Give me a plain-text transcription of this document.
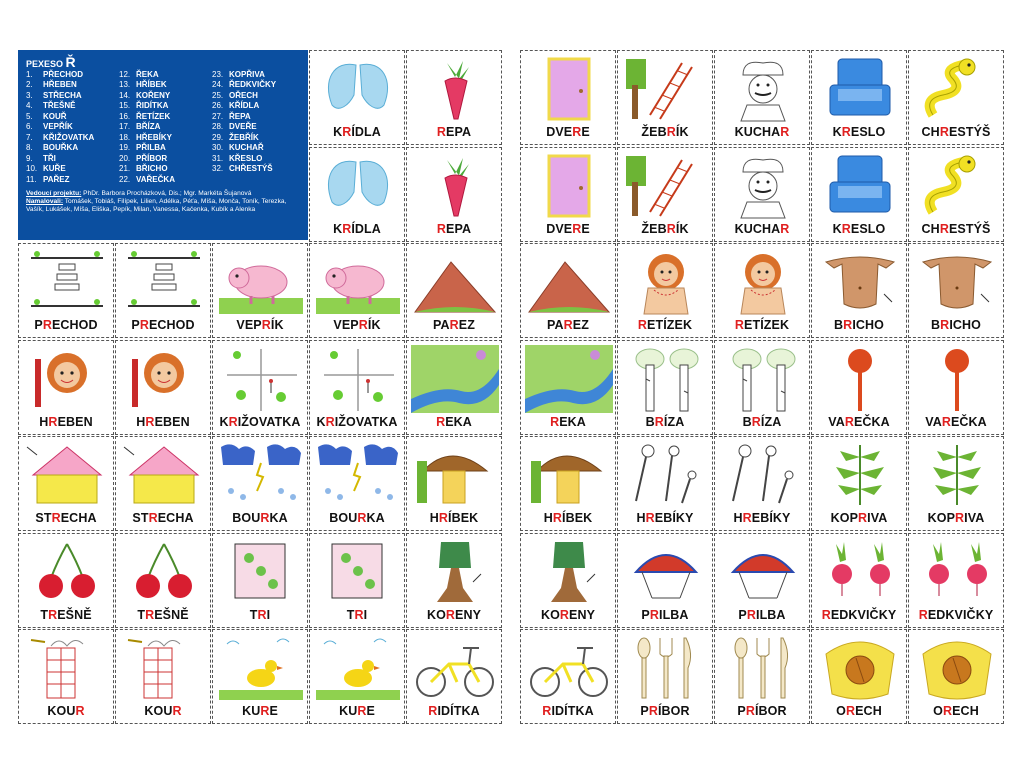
PEXESO Ř
1.	PŘECHOD
2.	HŘEBEN
3.	STŘECHA
4.	TŘEŠNĚ
5.	KOUŘ
6.	VEPŘÍK
7.	KŘIŽOVATKA
8.	BOUŘKA
9.	TŘI
10. KUŘE
11. PAŘEZ
12. ŘEKA
13. HŘÍBEK
14. KOŘENY
15. ŘIDÍTKA
16. ŘETÍZEK
17. BŘÍZA
18. HŘEBÍKY
19. PŘILBA
20. PŘÍBOR
21. BŘICHO
22. VAŘEČKA
23. KOPŘIVA
24. ŘEDKVIČKY
25. OŘECH
26. KŘÍDLA
27. ŘEPA
28. DVEŘE
29. ŽEBŘÍK
30. KUCHAŘ
31. KŘESLO
32. CHŘESTÝŠ
Vedoucí projektu: PhDr. Barbora Procházková, Dis.; Mgr. Markéta Šujanová
Namalovali: Tomášek, Tobiáš, Filípek, Lilien, Adélka, Péťa, Míša, Monča, Toník, Terezka, Vašík, Lukášek, Míša, Eliška, Pepík, Milan, Vanessa, Kačenka, Kubík a Alenka
KRÍDLA	REPA
KRÍDLA	REPA
PRECHOD	PRECHOD	VEPRÍK	VEPRÍK	PAREZ
HREBEN	HREBEN	KRIŽOVATKA	KRIŽOVATKA	REKA
STRECHA	STRECHA	BOURKA	BOURKA	HRÍBEK
TREŠNĚ	TREŠNĚ	TRI	TRI	KORENY
KOUR	KOUR	KURE	KURE	RIDÍTKA
DVERE	ŽEBRÍK	KUCHAR	KRESLO	CHRESTÝŠ
DVERE	ŽEBRÍK	KUCHAR	KRESLO	CHRESTÝŠ
PAREZ	RETÍZEK	RETÍZEK	BRICHO	BRICHO
REKA	BRÍZA	BRÍZA	VAREČKA	VAREČKA
HRÍBEK	HREBÍKY	HREBÍKY	KOPRIVA	KOPRIVA
KORENY	PRILBA	PRILBA	REDKVIČKY	REDKVIČKY
RIDÍTKA	PRÍBOR	PRÍBOR	ORECH	ORECH
